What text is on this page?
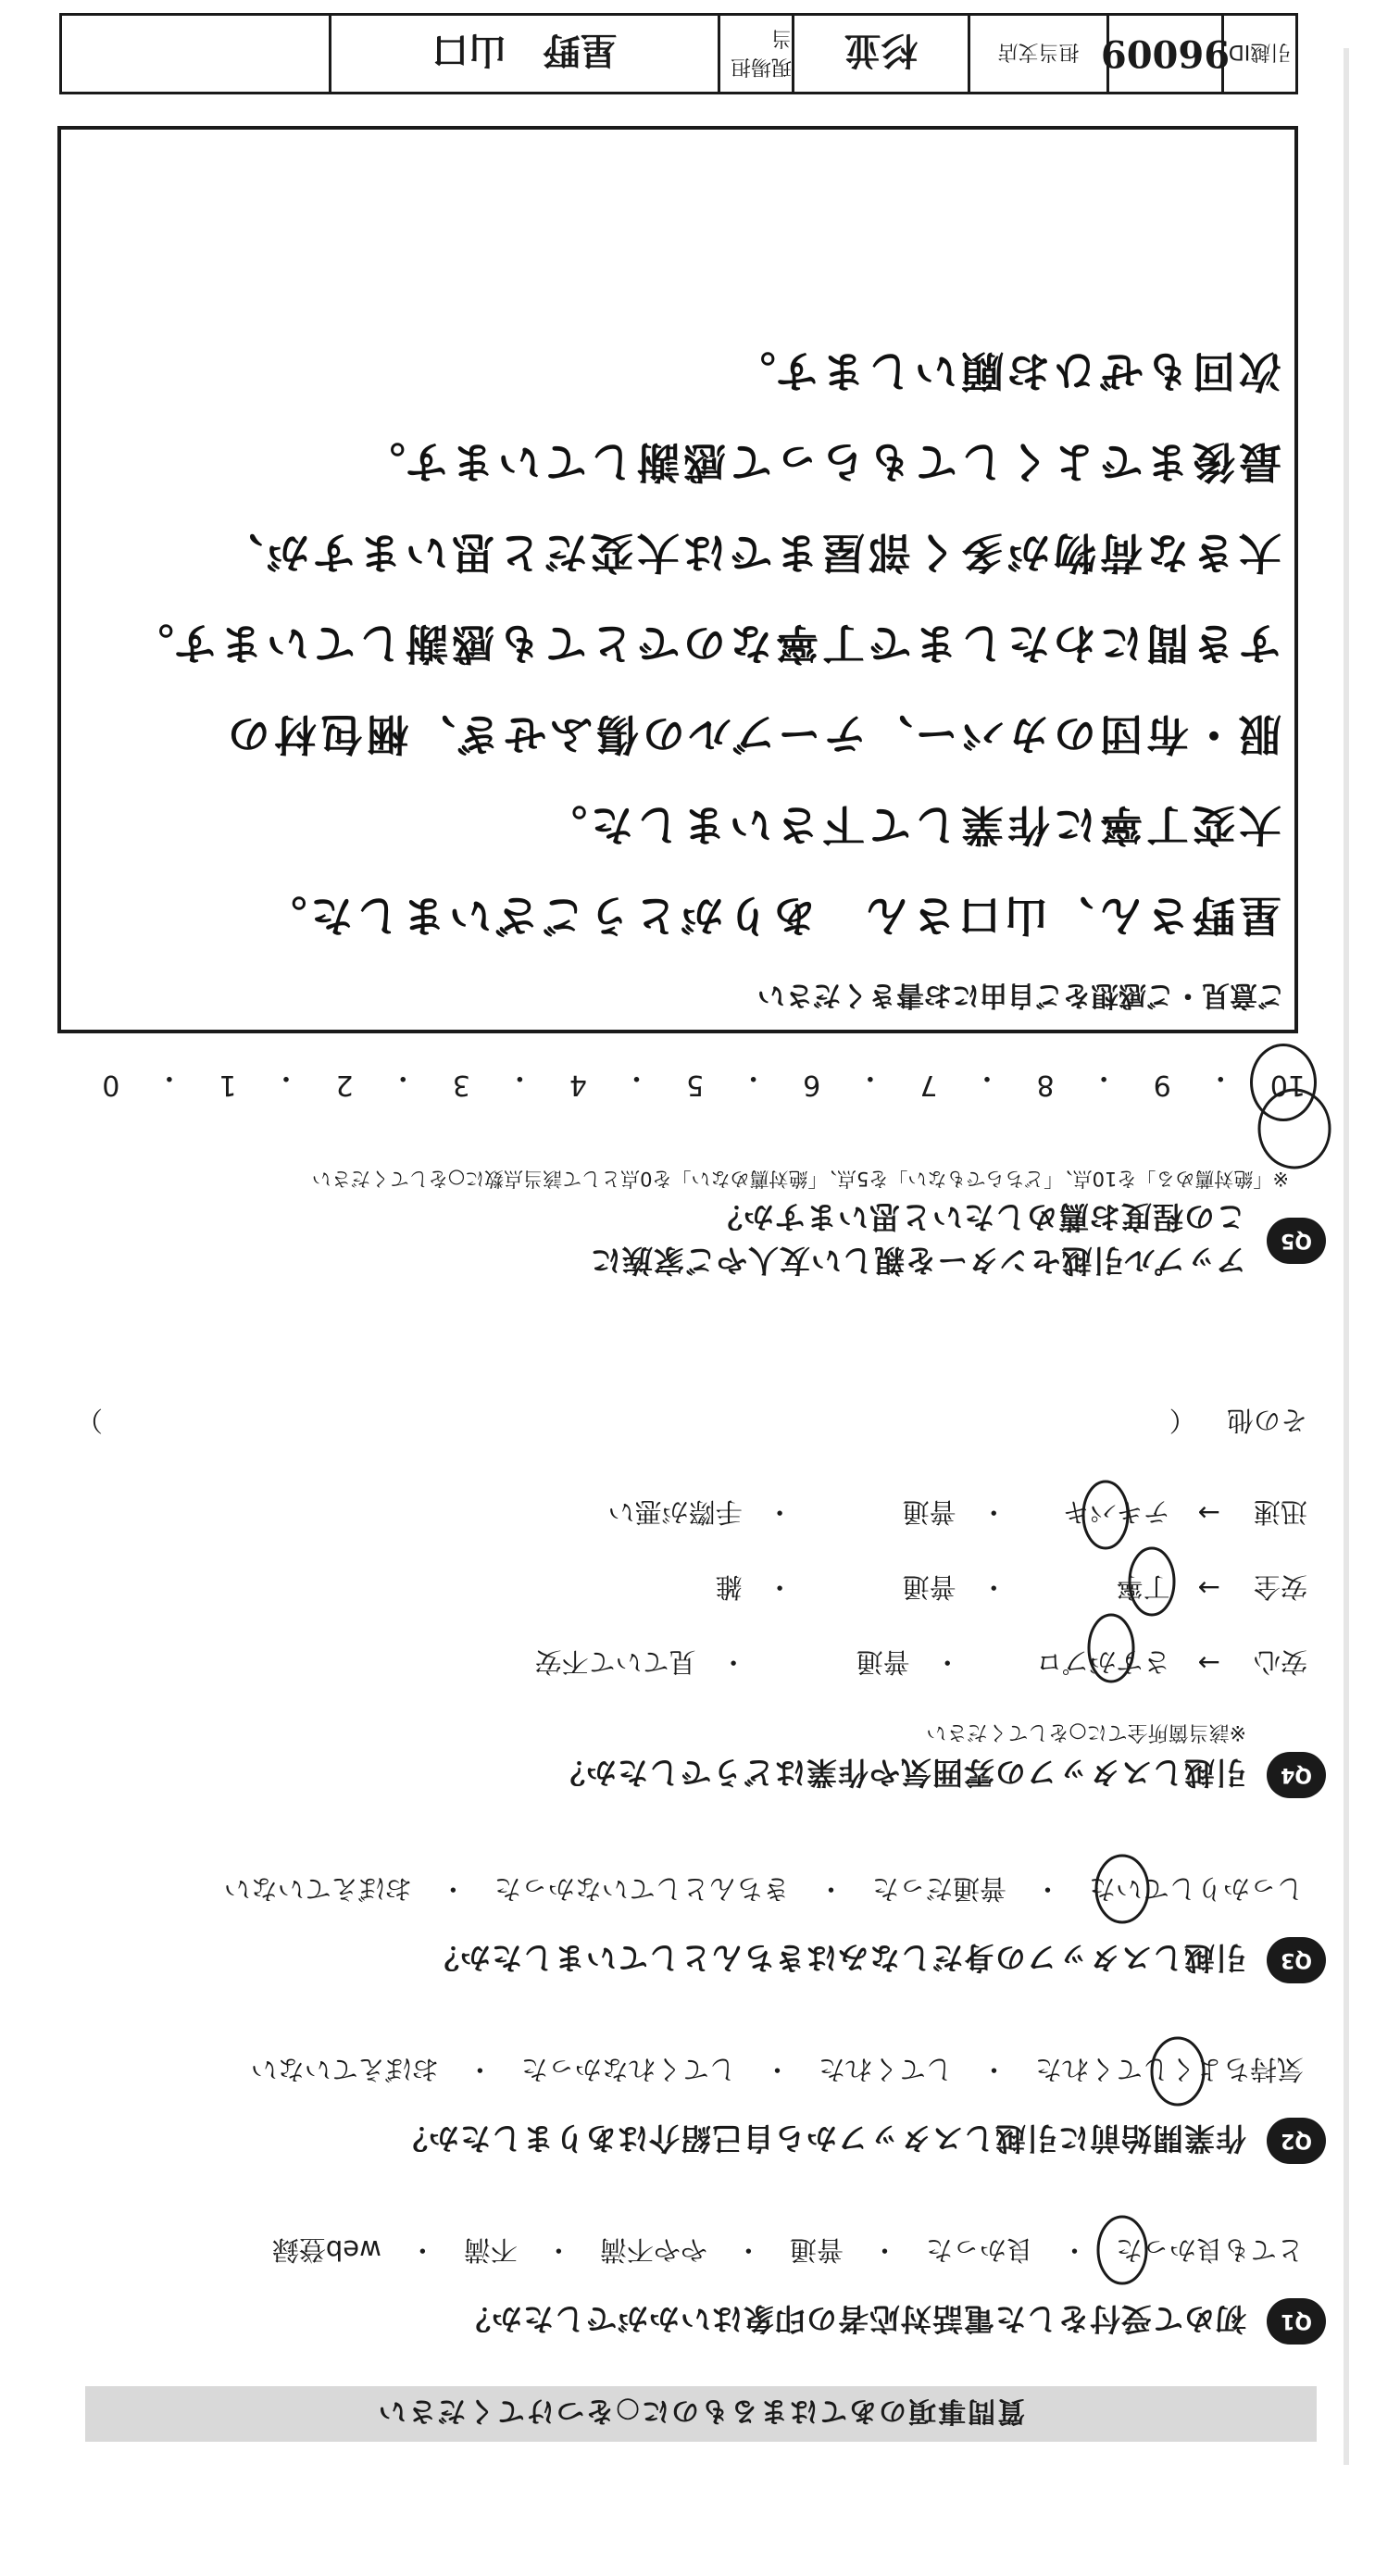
質問事項のあてはまるものに○をつけてください
Q1
初めて受付をした電話対応者の印象はいかがでしたか？
とても良かった
・
良かった
・
普通
・
やや不満
・
不満
・
web登録
Q2
作業開始前に引越しスタッフから自己紹介はありましたか？
気持ちよくしてくれた
・
してくれた
・
してくれなかった
・
おぼえていない
Q3
引越しスタッフの身だしなみはきちんとしていましたか？
しっかりしていた
・
普通だった
・
きちんとしていなかった
・
おぼえていない
Q4
引越しスタッフの雰囲気や作業はどうでしたか？
※該当箇所全てに○をしてください
安心
→
さすがプロ
・
普通
・
見ていて不安
安全
→
丁寧
・
普通
・
雑
迅速
→
テキパキ
・
普通
・
手際が悪い
その他 （
）
Q5
アップル引越センターを親しい友人やご家族に
この程度お薦めしたいと思いますか？
※「絶対薦める」を10点、「どちらでもない」を5点、「絶対薦めない」を0点として該当点数に○をしてください
10
・
9
・
8
・
7
・
6
・
5
・
4
・
3
・
2
・
1
・
0
ご意見・ご感想をご自由にお書きください
星野さん、山口さん　ありがとうございました。
大変丁寧に作業して下さいました。
服・布団のカバー、テーブルの傷ふせぎ、梱包材の
すき間にわたしまで丁寧なのでとても感謝しています。
大きな荷物が多く部屋までは大変だと思いますが、
最後までよくしてもらって感謝しています。
次回もぜひお願いします。
引越ID
96009
担当支店
杉並
現場担当
星野　山口
